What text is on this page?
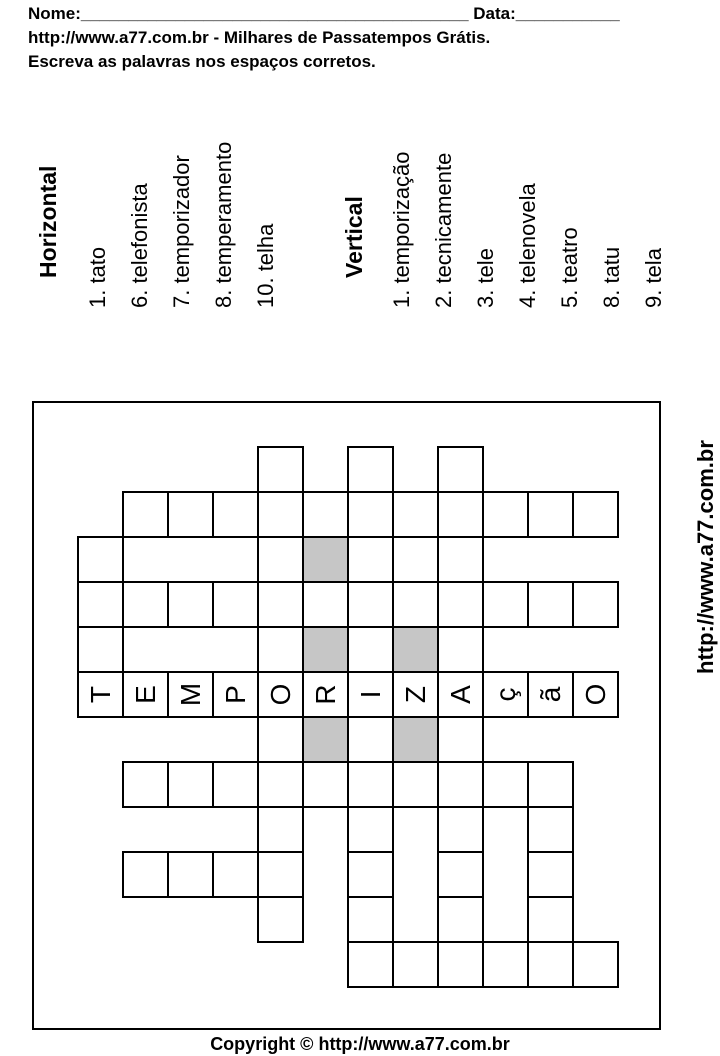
Nome:_________________________________________ Data:___________
http://www.a77.com.br - Milhares de Passatempos Grátis.
Escreva as palavras nos espaços corretos.
Horizontal 1. tato 6. telefonista 7. temporizador 8. temperamento 10. telha	Vertical 1. temporização 2. tecnicamente 3. tele 4. telenovela 5. teatro 8. tatu 9. tela
http://www.a77.com.br
T E M P O R I Z A ç ã O
Copyright © http://www.a77.com.br
